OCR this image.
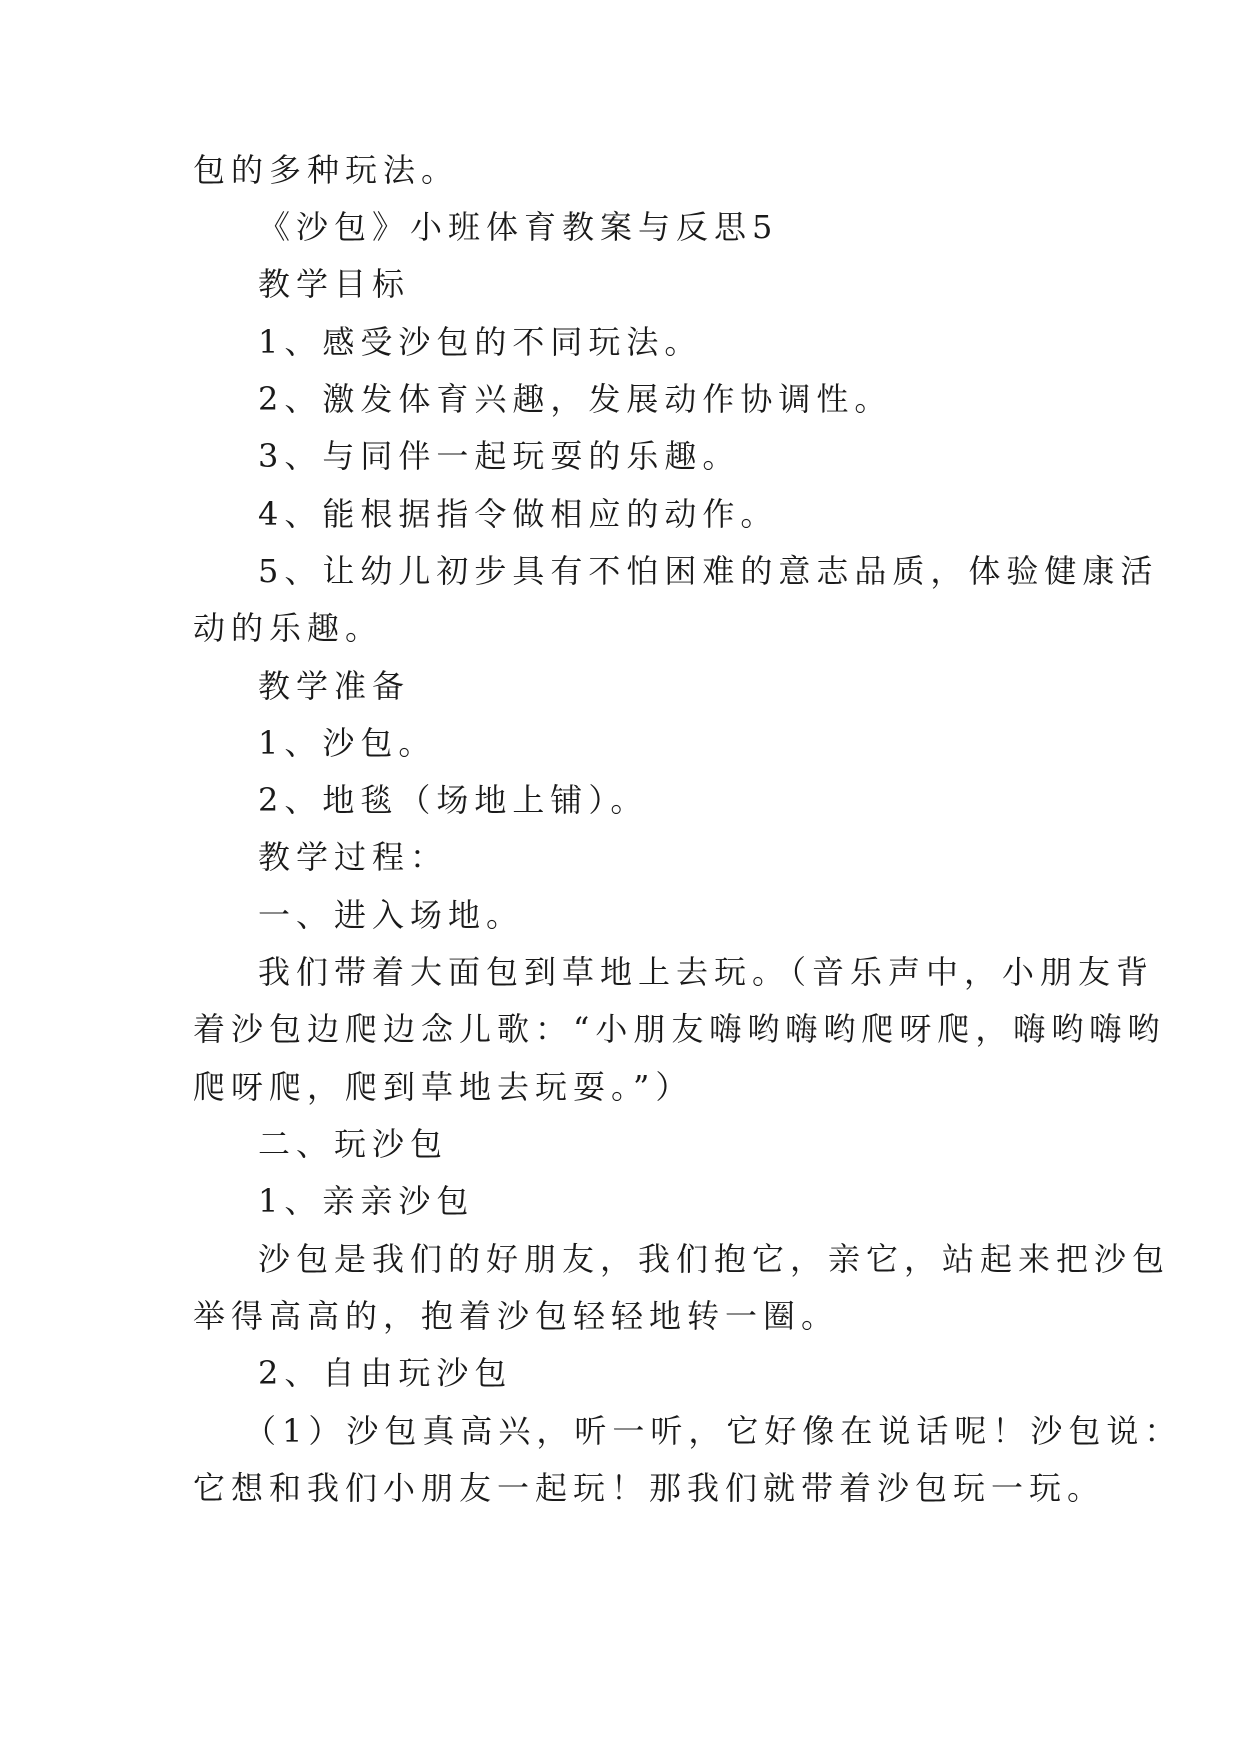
包的多种玩法。
《沙包》小班体育教案与反思5
教学目标
1、感受沙包的不同玩法。
2、激发体育兴趣，发展动作协调性。
3、与同伴一起玩耍的乐趣。
4、能根据指令做相应的动作。
5、让幼儿初步具有不怕困难的意志品质，体验健康活
动的乐趣。
教学准备
1、沙包。
2、地毯（场地上铺）。
教学过程：
一、进入场地。
我们带着大面包到草地上去玩。（音乐声中，小朋友背
着沙包边爬边念儿歌：“小朋友嗨哟嗨哟爬呀爬，嗨哟嗨哟
爬呀爬，爬到草地去玩耍。”）
二、玩沙包
1、亲亲沙包
沙包是我们的好朋友，我们抱它，亲它，站起来把沙包
举得高高的，抱着沙包轻轻地转一圈。
2、自由玩沙包
（1）沙包真高兴，听一听，它好像在说话呢！沙包说：
它想和我们小朋友一起玩！那我们就带着沙包玩一玩。
